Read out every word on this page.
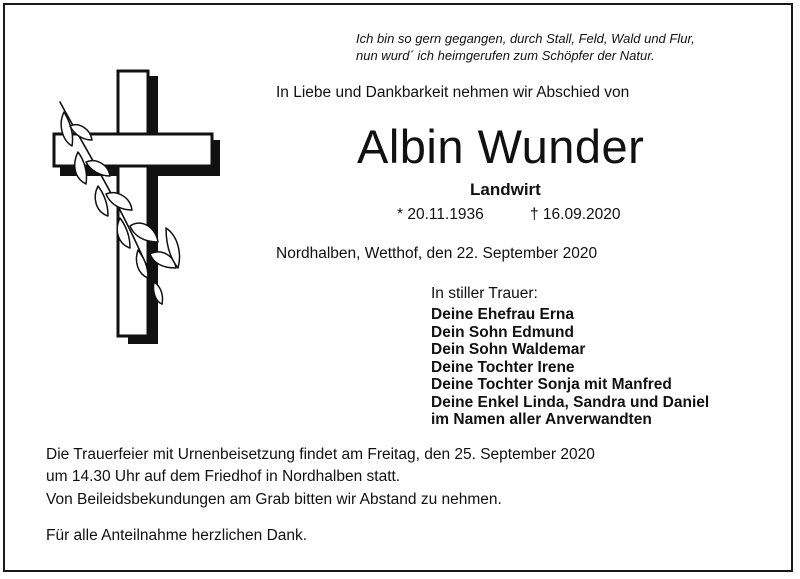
Ich bin so gern gegangen, durch Stall, Feld, Wald und Flur,
nun wurd´ ich heimgerufen zum Schöpfer der Natur.
In Liebe und Dankbarkeit nehmen wir Abschied von
Albin Wunder
Landwirt
* 20.11.1936	† 16.09.2020
Nordhalben, Wetthof, den 22. September 2020
In stiller Trauer:
Deine Ehefrau Erna
Dein Sohn Edmund
Dein Sohn Waldemar
Deine Tochter Irene
Deine Tochter Sonja mit Manfred
Deine Enkel Linda, Sandra und Daniel
im Namen aller Anverwandten
Die Trauerfeier mit Urnenbeisetzung findet am Freitag, den 25. September 2020
um 14.30 Uhr auf dem Friedhof in Nordhalben statt.
Von Beileidsbekundungen am Grab bitten wir Abstand zu nehmen.
Für alle Anteilnahme herzlichen Dank.
